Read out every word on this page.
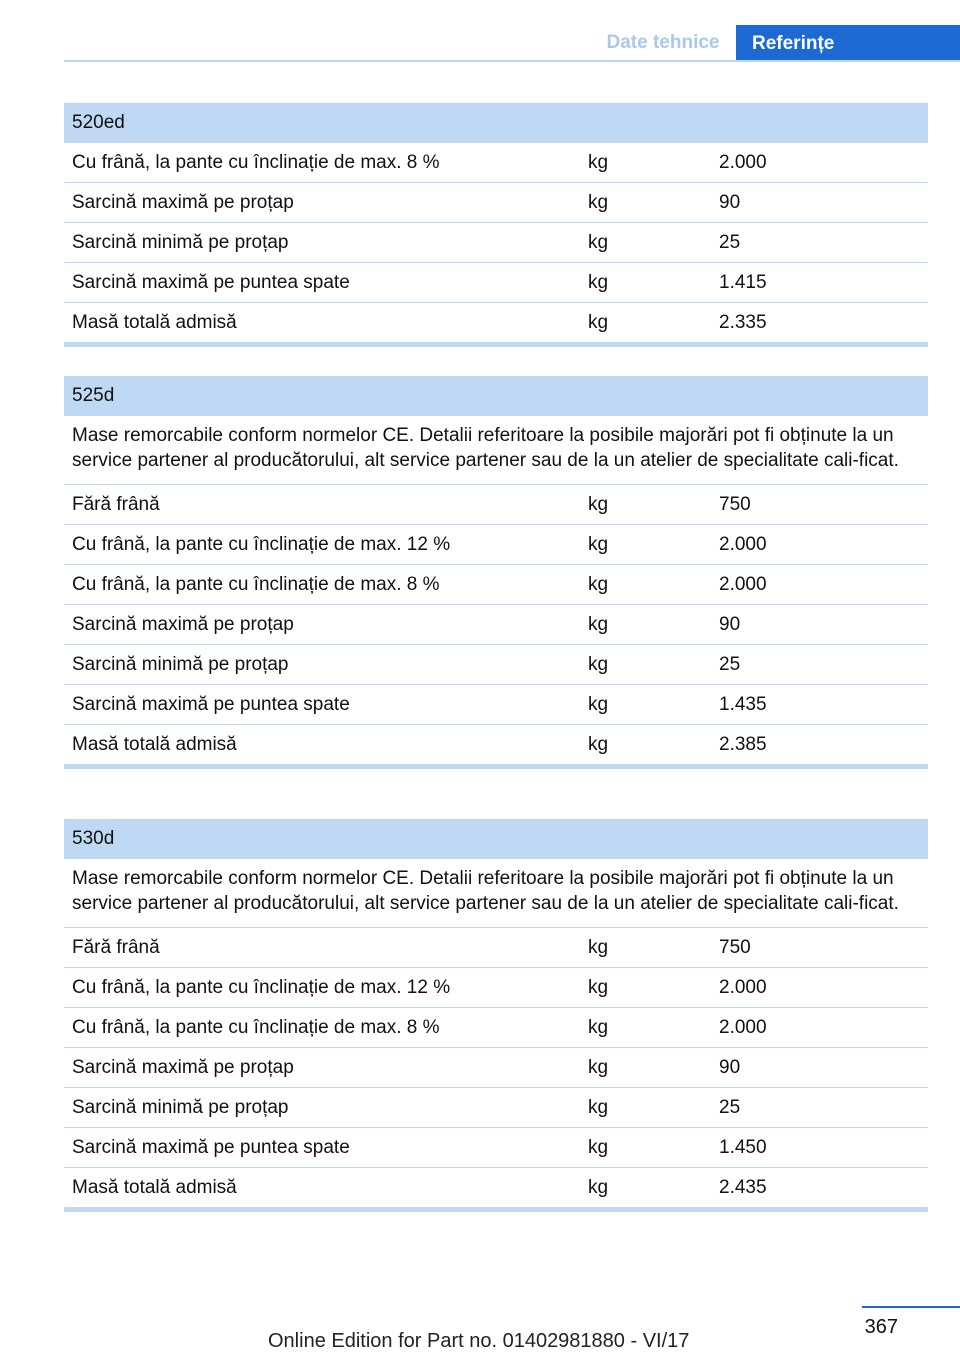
Date tehnice	Referințe
520ed
Cu frână, la pante cu înclinație de max. 8 %	kg	2.000
Sarcină maximă pe proțap	kg	90
Sarcină minimă pe proțap	kg	25
Sarcină maximă pe puntea spate	kg	1.415
Masă totală admisă	kg	2.335
525d
Mase remorcabile conform normelor CE. Detalii referitoare la posibile majorări pot fi obținute la un service partener al producătorului, alt service partener sau de la un atelier de specialitate cali-ficat.
Fără frână	kg	750
Cu frână, la pante cu înclinație de max. 12 %	kg	2.000
Cu frână, la pante cu înclinație de max. 8 %	kg	2.000
Sarcină maximă pe proțap	kg	90
Sarcină minimă pe proțap	kg	25
Sarcină maximă pe puntea spate	kg	1.435
Masă totală admisă	kg	2.385
530d
Mase remorcabile conform normelor CE. Detalii referitoare la posibile majorări pot fi obținute la un service partener al producătorului, alt service partener sau de la un atelier de specialitate cali-ficat.
Fără frână	kg	750
Cu frână, la pante cu înclinație de max. 12 %	kg	2.000
Cu frână, la pante cu înclinație de max. 8 %	kg	2.000
Sarcină maximă pe proțap	kg	90
Sarcină minimă pe proțap	kg	25
Sarcină maximă pe puntea spate	kg	1.450
Masă totală admisă	kg	2.435
367
Online Edition for Part no. 01402981880 - VI/17
